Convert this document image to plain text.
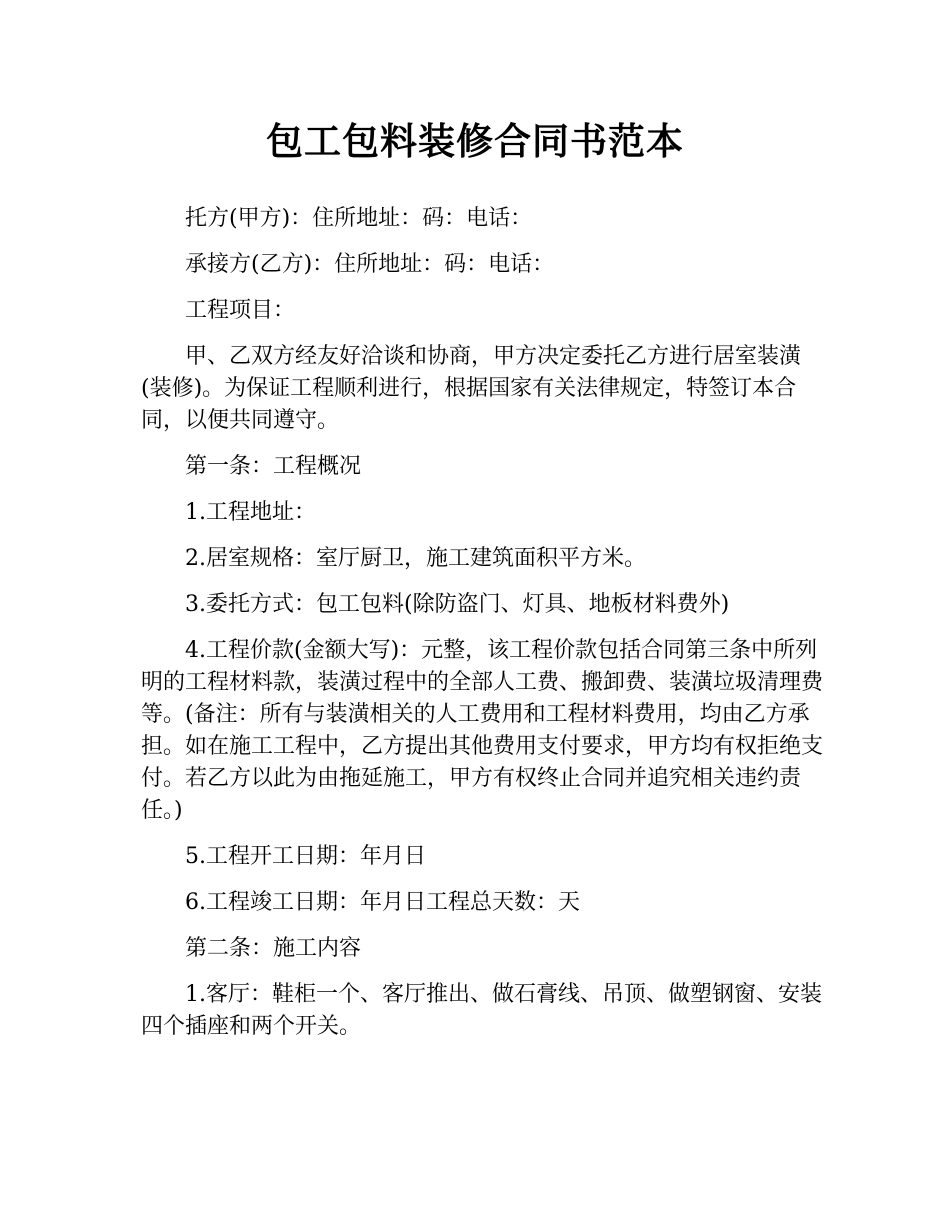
包工包料装修合同书范本

托方(甲方)：住所地址：码：电话：

承接方(乙方)：住所地址：码：电话：

工程项目：

甲、乙双方经友好洽谈和协商，甲方决定委托乙方进行居室装潢(装修)。为保证工程顺利进行，根据国家有关法律规定，特签订本合同，以便共同遵守。

第一条：工程概况

1.工程地址：

2.居室规格：室厅厨卫，施工建筑面积平方米。

3.委托方式：包工包料(除防盗门、灯具、地板材料费外)

4.工程价款(金额大写)：元整，该工程价款包括合同第三条中所列明的工程材料款，装潢过程中的全部人工费、搬卸费、装潢垃圾清理费等。(备注：所有与装潢相关的人工费用和工程材料费用，均由乙方承担。如在施工工程中，乙方提出其他费用支付要求，甲方均有权拒绝支付。若乙方以此为由拖延施工，甲方有权终止合同并追究相关违约责任。)

5.工程开工日期：年月日

6.工程竣工日期：年月日工程总天数：天

第二条：施工内容

1.客厅：鞋柜一个、客厅推出、做石膏线、吊顶、做塑钢窗、安装四个插座和两个开关。
